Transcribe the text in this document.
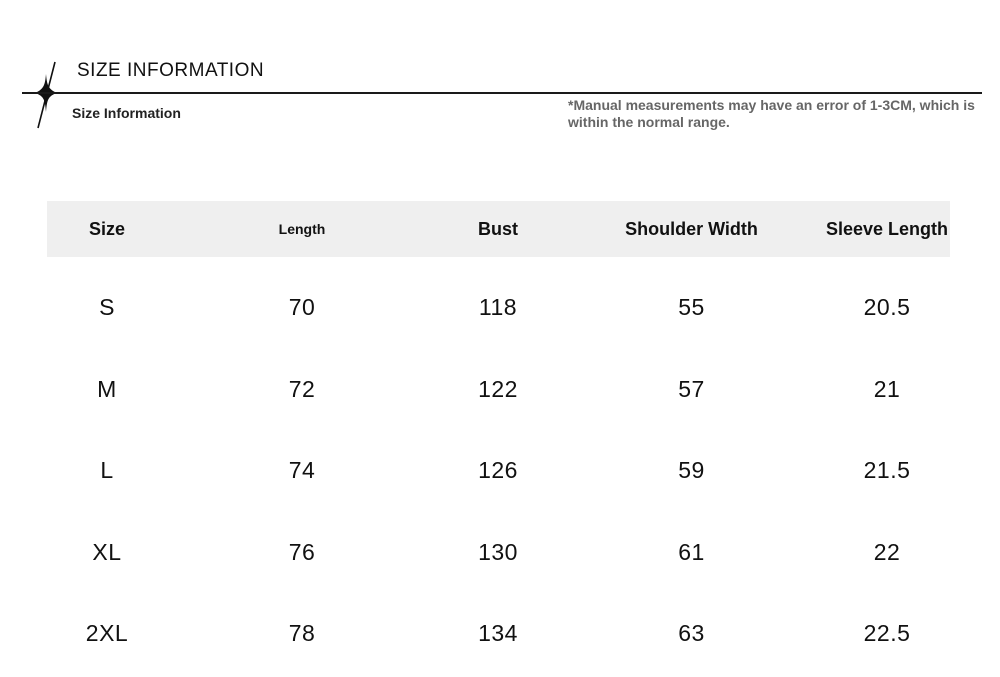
SIZE INFORMATION
Size Information	*Manual measurements may have an error of 1-3CM, which is within the normal range.
Size	Length	Bust	Shoulder Width	Sleeve Length
S	70	118	55	20.5
M	72	122	57	21
L	74	126	59	21.5
XL	76	130	61	22
2XL	78	134	63	22.5
